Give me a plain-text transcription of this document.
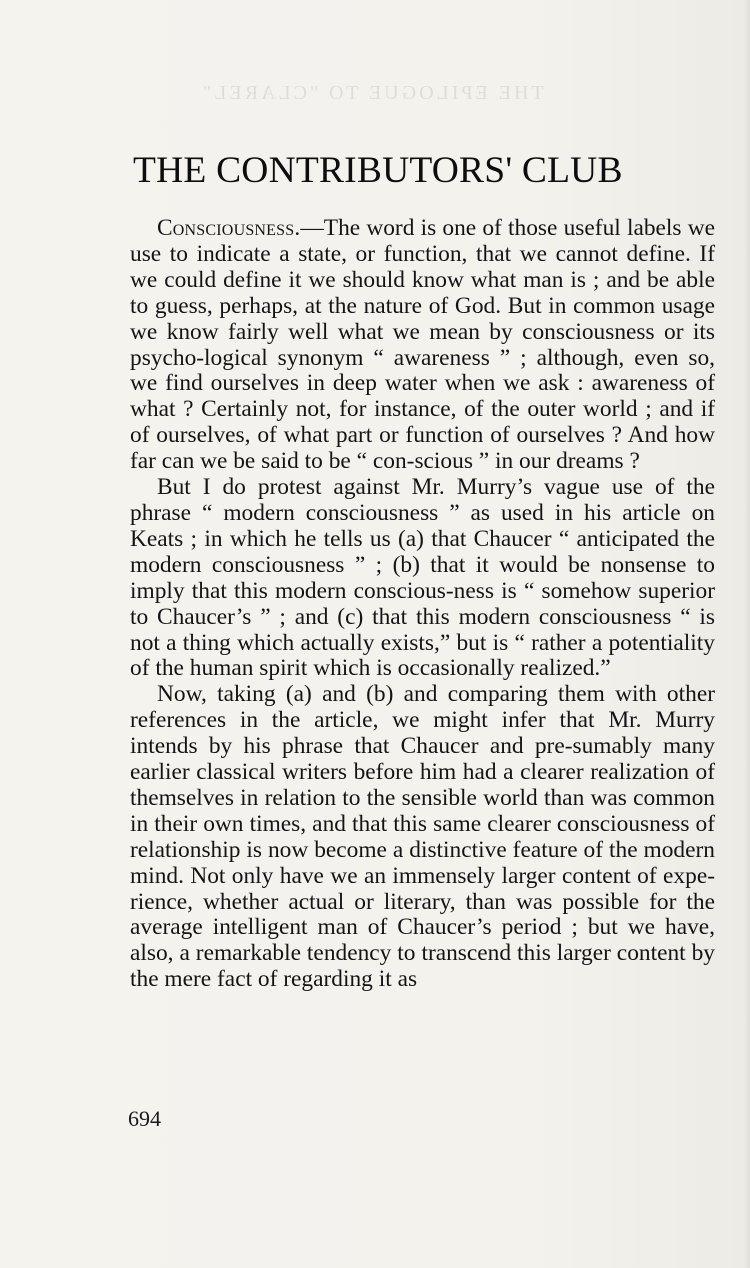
THE EPILOGUE TO "CLAREL"
THE CONTRIBUTORS' CLUB

Consciousness.—The word is one of those useful labels we use to indicate a state, or function, that we cannot define. If we could define it we should know what man is ; and be able to guess, perhaps, at the nature of God. But in common usage we know fairly well what we mean by consciousness or its psycho-logical synonym “ awareness ” ; although, even so, we find ourselves in deep water when we ask : awareness of what ? Certainly not, for instance, of the outer world ; and if of ourselves, of what part or function of ourselves ? And how far can we be said to be “ con-scious ” in our dreams ?

But I do protest against Mr. Murry’s vague use of the phrase “ modern consciousness ” as used in his article on Keats ; in which he tells us (a) that Chaucer “ anticipated the modern consciousness ” ; (b) that it would be nonsense to imply that this modern conscious-ness is “ somehow superior to Chaucer’s ” ; and (c) that this modern consciousness “ is not a thing which actually exists,” but is “ rather a potentiality of the human spirit which is occasionally realized.”

Now, taking (a) and (b) and comparing them with other references in the article, we might infer that Mr. Murry intends by his phrase that Chaucer and pre-sumably many earlier classical writers before him had a clearer realization of themselves in relation to the sensible world than was common in their own times, and that this same clearer consciousness of relationship is now become a distinctive feature of the modern mind. Not only have we an immensely larger content of expe-rience, whether actual or literary, than was possible for the average intelligent man of Chaucer’s period ; but we have, also, a remarkable tendency to transcend this larger content by the mere fact of regarding it as

694
